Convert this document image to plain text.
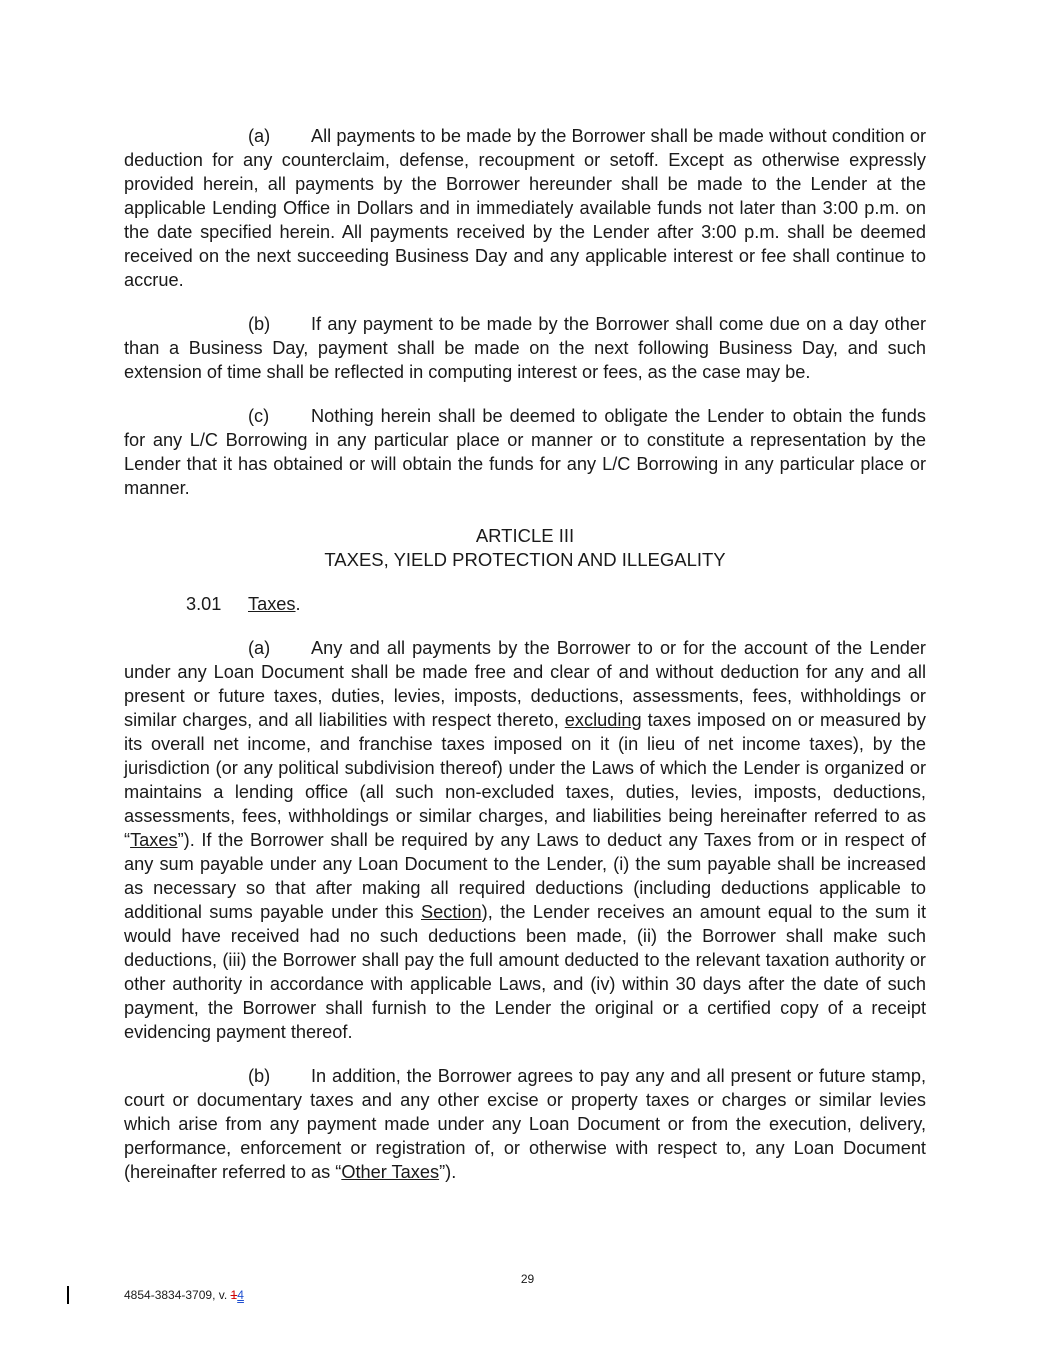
(a) All payments to be made by the Borrower shall be made without condition or deduction for any counterclaim, defense, recoupment or setoff. Except as otherwise expressly provided herein, all payments by the Borrower hereunder shall be made to the Lender at the applicable Lending Office in Dollars and in immediately available funds not later than 3:00 p.m. on the date specified herein. All payments received by the Lender after 3:00 p.m. shall be deemed received on the next succeeding Business Day and any applicable interest or fee shall continue to accrue.

(b) If any payment to be made by the Borrower shall come due on a day other than a Business Day, payment shall be made on the next following Business Day, and such extension of time shall be reflected in computing interest or fees, as the case may be.

(c) Nothing herein shall be deemed to obligate the Lender to obtain the funds for any L/C Borrowing in any particular place or manner or to constitute a representation by the Lender that it has obtained or will obtain the funds for any L/C Borrowing in any particular place or manner.

ARTICLE III

TAXES, YIELD PROTECTION AND ILLEGALITY

3.01 Taxes.

(a) Any and all payments by the Borrower to or for the account of the Lender under any Loan Document shall be made free and clear of and without deduction for any and all present or future taxes, duties, levies, imposts, deductions, assessments, fees, withholdings or similar charges, and all liabilities with respect thereto, excluding taxes imposed on or measured by its overall net income, and franchise taxes imposed on it (in lieu of net income taxes), by the jurisdiction (or any political subdivision thereof) under the Laws of which the Lender is organized or maintains a lending office (all such non-excluded taxes, duties, levies, imposts, deductions, assessments, fees, withholdings or similar charges, and liabilities being hereinafter referred to as “Taxes”). If the Borrower shall be required by any Laws to deduct any Taxes from or in respect of any sum payable under any Loan Document to the Lender, (i) the sum payable shall be increased as necessary so that after making all required deductions (including deductions applicable to additional sums payable under this Section), the Lender receives an amount equal to the sum it would have received had no such deductions been made, (ii) the Borrower shall make such deductions, (iii) the Borrower shall pay the full amount deducted to the relevant taxation authority or other authority in accordance with applicable Laws, and (iv) within 30 days after the date of such payment, the Borrower shall furnish to the Lender the original or a certified copy of a receipt evidencing payment thereof.

(b) In addition, the Borrower agrees to pay any and all present or future stamp, court or documentary taxes and any other excise or property taxes or charges or similar levies which arise from any payment made under any Loan Document or from the execution, delivery, performance, enforcement or registration of, or otherwise with respect to, any Loan Document (hereinafter referred to as “Other Taxes”).

29
4854-3834-3709, v. 14
